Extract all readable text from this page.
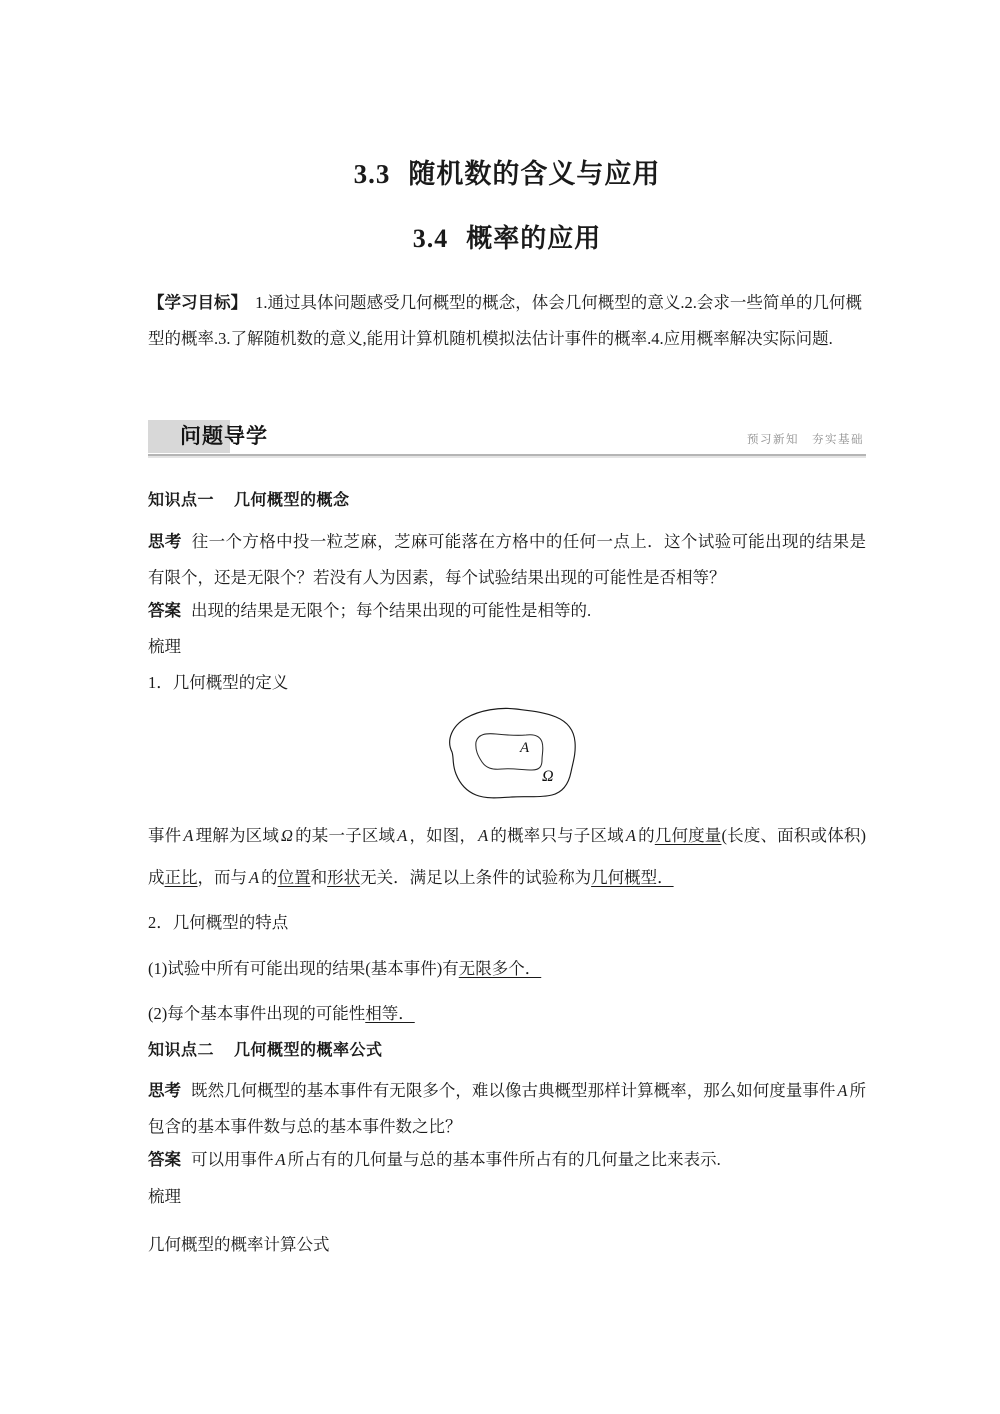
3.3 随机数的含义与应用
3.4 概率的应用
【学习目标】 1.通过具体问题感受几何概型的概念，体会几何概型的意义.2.会求一些简单的几何概型的概率.3.了解随机数的意义,能用计算机随机模拟法估计事件的概率.4.应用概率解决实际问题.
问题导学	预习新知　夯实基础
知识点一 几何概型的概念
思考 往一个方格中投一粒芝麻，芝麻可能落在方格中的任何一点上．这个试验可能出现的结果是有限个，还是无限个？若没有人为因素，每个试验结果出现的可能性是否相等？
答案 出现的结果是无限个；每个结果出现的可能性是相等的.
梳理
1．几何概型的定义
A
Ω
事件 A 理解为区域 Ω 的某一子区域 A ，如图， A 的概率只与子区域 A 的几何度量(长度、面积或体积)成正比，而与 A 的位置和形状无关．满足以上条件的试验称为几何概型．
2．几何概型的特点
(1)试验中所有可能出现的结果(基本事件)有无限多个．
(2)每个基本事件出现的可能性相等．
知识点二 几何概型的概率公式
思考 既然几何概型的基本事件有无限多个，难以像古典概型那样计算概率，那么如何度量事件 A 所包含的基本事件数与总的基本事件数之比？
答案 可以用事件 A 所占有的几何量与总的基本事件所占有的几何量之比来表示.
梳理
几何概型的概率计算公式
